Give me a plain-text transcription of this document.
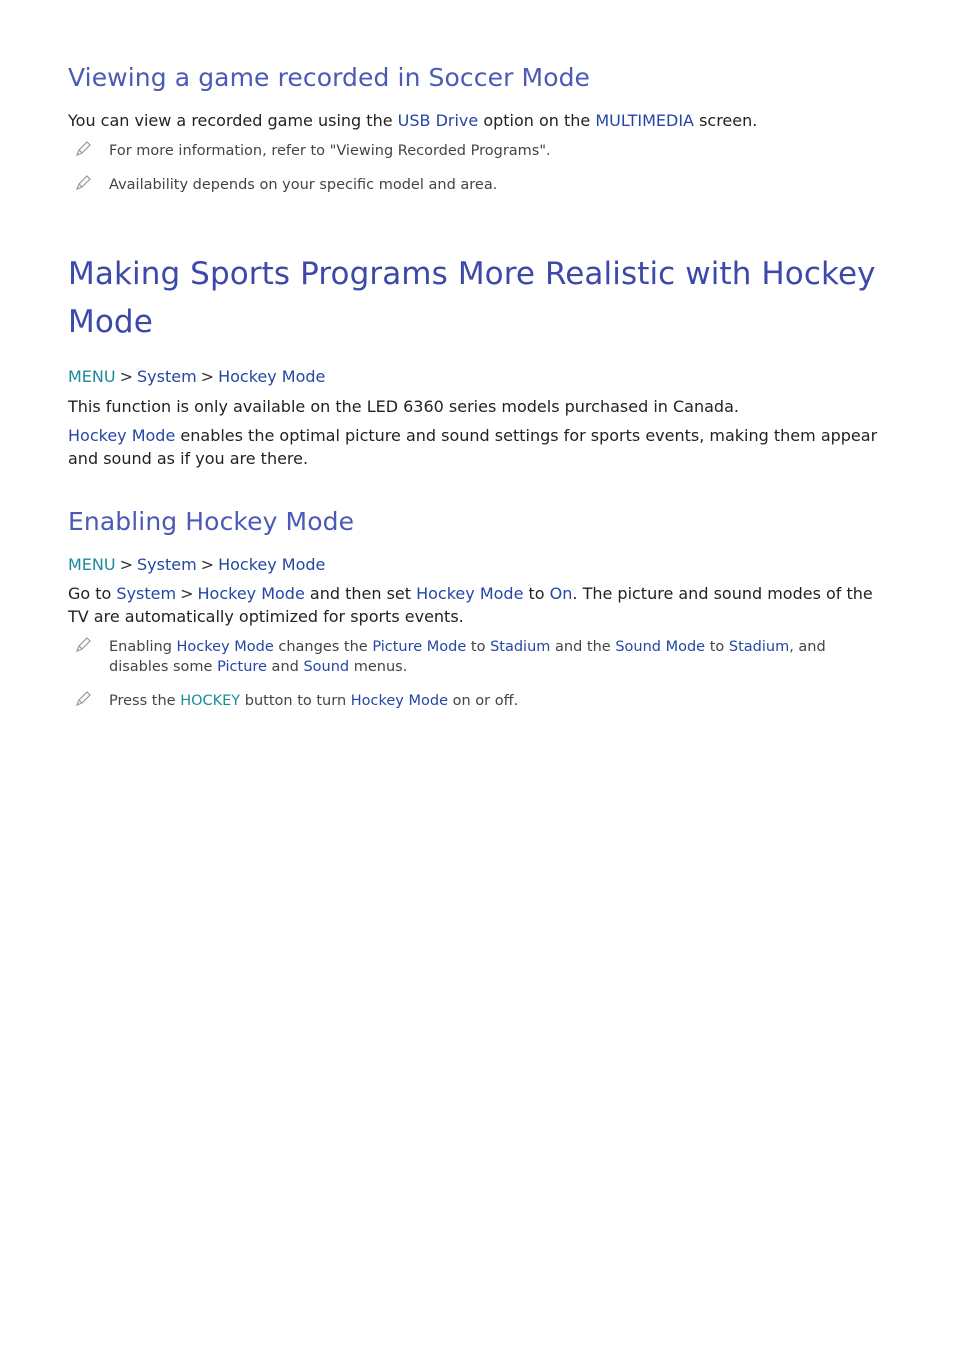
Viewing a game recorded in Soccer Mode
You can view a recorded game using the USB Drive option on the MULTIMEDIA screen.
For more information, refer to "Viewing Recorded Programs".
Availability depends on your specific model and area.
Making Sports Programs More Realistic with Hockey
Mode
MENU > System > Hockey Mode
This function is only available on the LED 6360 series models purchased in Canada.
Hockey Mode enables the optimal picture and sound settings for sports events, making them appear and sound as if you are there.
Enabling Hockey Mode
MENU > System > Hockey Mode
Go to System > Hockey Mode and then set Hockey Mode to On. The picture and sound modes of the TV are automatically optimized for sports events.
Enabling Hockey Mode changes the Picture Mode to Stadium and the Sound Mode to Stadium, and disables some Picture and Sound menus.
Press the HOCKEY button to turn Hockey Mode on or off.
